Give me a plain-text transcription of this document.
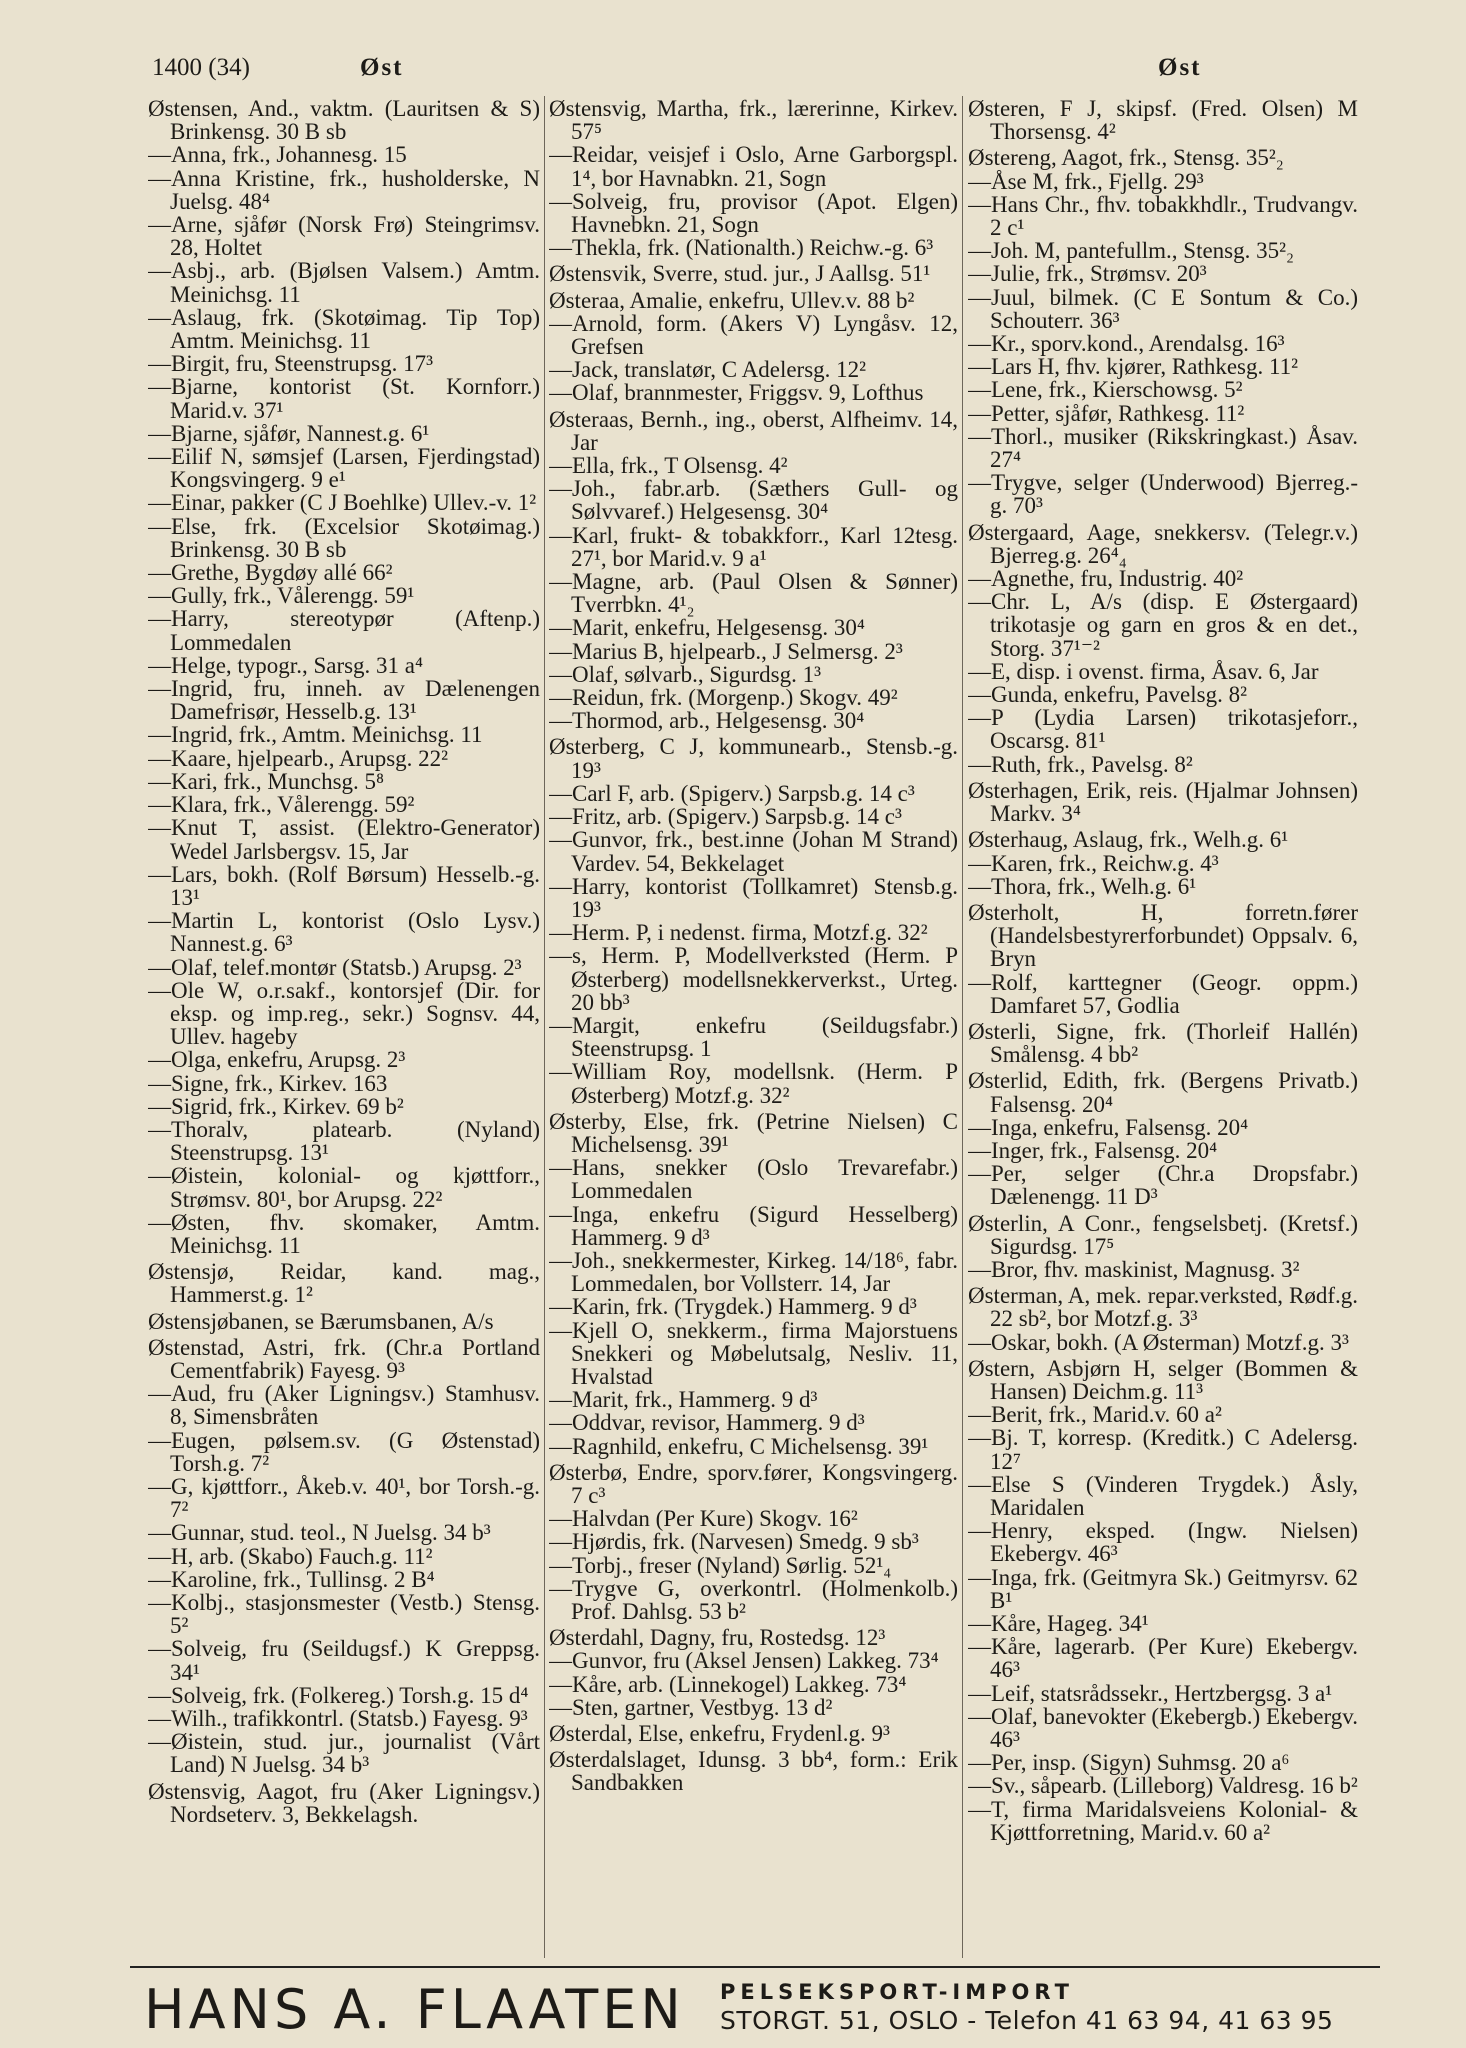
1400 (34)	Øst	Øst
Østensen, And., vaktm. (Lauritsen & S) Brinkensg. 30 B sb
—Anna, frk., Johannesg. 15
—Anna Kristine, frk., husholderske, N Juelsg. 48⁴
—Arne, sjåfør (Norsk Frø) Steingrimsv. 28, Holtet
—Asbj., arb. (Bjølsen Valsem.) Amtm. Meinichsg. 11
—Aslaug, frk. (Skotøimag. Tip Top) Amtm. Meinichsg. 11
—Birgit, fru, Steenstrupsg. 17³
—Bjarne, kontorist (St. Kornforr.) Marid.v. 37¹
—Bjarne, sjåfør, Nannest.g. 6¹
—Eilif N, sømsjef (Larsen, Fjerdingstad) Kongsvingerg. 9 e¹
—Einar, pakker (C J Boehlke) Ullev.-v. 1²
—Else, frk. (Excelsior Skotøimag.) Brinkensg. 30 B sb
—Grethe, Bygdøy allé 66²
—Gully, frk., Vålerengg. 59¹
—Harry, stereotypør (Aftenp.) Lommedalen
—Helge, typogr., Sarsg. 31 a⁴
—Ingrid, fru, inneh. av Dælenengen Damefrisør, Hesselb.g. 13¹
—Ingrid, frk., Amtm. Meinichsg. 11
—Kaare, hjelpearb., Arupsg. 22²
—Kari, frk., Munchsg. 5⁸
—Klara, frk., Vålerengg. 59²
—Knut T, assist. (Elektro-Generator) Wedel Jarlsbergsv. 15, Jar
—Lars, bokh. (Rolf Børsum) Hesselb.-g. 13¹
—Martin L, kontorist (Oslo Lysv.) Nannest.g. 6³
—Olaf, telef.montør (Statsb.) Arupsg. 2³
—Ole W, o.r.sakf., kontorsjef (Dir. for eksp. og imp.reg., sekr.) Sognsv. 44, Ullev. hageby
—Olga, enkefru, Arupsg. 2³
—Signe, frk., Kirkev. 163
—Sigrid, frk., Kirkev. 69 b²
—Thoralv, platearb. (Nyland) Steenstrupsg. 13¹
—Øistein, kolonial- og kjøttforr., Strømsv. 80¹, bor Arupsg. 22²
—Østen, fhv. skomaker, Amtm. Meinichsg. 11
Østensjø, Reidar, kand. mag., Hammerst.g. 1²
Østensjøbanen, se Bærumsbanen, A/s
Østenstad, Astri, frk. (Chr.a Portland Cementfabrik) Fayesg. 9³
—Aud, fru (Aker Ligningsv.) Stamhusv. 8, Simensbråten
—Eugen, pølsem.sv. (G Østenstad) Torsh.g. 7²
—G, kjøttforr., Åkeb.v. 40¹, bor Torsh.-g. 7²
—Gunnar, stud. teol., N Juelsg. 34 b³
—H, arb. (Skabo) Fauch.g. 11²
—Karoline, frk., Tullinsg. 2 B⁴
—Kolbj., stasjonsmester (Vestb.) Stensg. 5²
—Solveig, fru (Seildugsf.) K Greppsg. 34¹
—Solveig, frk. (Folkereg.) Torsh.g. 15 d⁴
—Wilh., trafikkontrl. (Statsb.) Fayesg. 9³
—Øistein, stud. jur., journalist (Vårt Land) N Juelsg. 34 b³
Østensvig, Aagot, fru (Aker Ligningsv.) Nordseterv. 3, Bekkelagsh.
Østensvig, Martha, frk., lærerinne, Kirkev. 57⁵
—Reidar, veisjef i Oslo, Arne Garborgspl. 1⁴, bor Havnabkn. 21, Sogn
—Solveig, fru, provisor (Apot. Elgen) Havnebkn. 21, Sogn
—Thekla, frk. (Nationalth.) Reichw.-g. 6³
Østensvik, Sverre, stud. jur., J Aallsg. 51¹
Østeraa, Amalie, enkefru, Ullev.v. 88 b²
—Arnold, form. (Akers V) Lyngåsv. 12, Grefsen
—Jack, translatør, C Adelersg. 12²
—Olaf, brannmester, Friggsv. 9, Lofthus
Østeraas, Bernh., ing., oberst, Alfheimv. 14, Jar
—Ella, frk., T Olsensg. 4²
—Joh., fabr.arb. (Sæthers Gull- og Sølvvaref.) Helgesensg. 30⁴
—Karl, frukt- & tobakkforr., Karl 12tesg. 27¹, bor Marid.v. 9 a¹
—Magne, arb. (Paul Olsen & Sønner) Tverrbkn. 4¹₂
—Marit, enkefru, Helgesensg. 30⁴
—Marius B, hjelpearb., J Selmersg. 2³
—Olaf, sølvarb., Sigurdsg. 1³
—Reidun, frk. (Morgenp.) Skogv. 49²
—Thormod, arb., Helgesensg. 30⁴
Østerberg, C J, kommunearb., Stensb.-g. 19³
—Carl F, arb. (Spigerv.) Sarpsb.g. 14 c³
—Fritz, arb. (Spigerv.) Sarpsb.g. 14 c³
—Gunvor, frk., best.inne (Johan M Strand) Vardev. 54, Bekkelaget
—Harry, kontorist (Tollkamret) Stensb.g. 19³
—Herm. P, i nedenst. firma, Motzf.g. 32²
—s, Herm. P, Modellverksted (Herm. P Østerberg) modellsnekkerverkst., Urteg. 20 bb³
—Margit, enkefru (Seildugsfabr.) Steenstrupsg. 1
—William Roy, modellsnk. (Herm. P Østerberg) Motzf.g. 32²
Østerby, Else, frk. (Petrine Nielsen) C Michelsensg. 39¹
—Hans, snekker (Oslo Trevarefabr.) Lommedalen
—Inga, enkefru (Sigurd Hesselberg) Hammerg. 9 d³
—Joh., snekkermester, Kirkeg. 14/18⁶, fabr. Lommedalen, bor Vollsterr. 14, Jar
—Karin, frk. (Trygdek.) Hammerg. 9 d³
—Kjell O, snekkerm., firma Majorstuens Snekkeri og Møbelutsalg, Nesliv. 11, Hvalstad
—Marit, frk., Hammerg. 9 d³
—Oddvar, revisor, Hammerg. 9 d³
—Ragnhild, enkefru, C Michelsensg. 39¹
Østerbø, Endre, sporv.fører, Kongsvingerg. 7 c³
—Halvdan (Per Kure) Skogv. 16²
—Hjørdis, frk. (Narvesen) Smedg. 9 sb³
—Torbj., freser (Nyland) Sørlig. 52¹₄
—Trygve G, overkontrl. (Holmenkolb.) Prof. Dahlsg. 53 b²
Østerdahl, Dagny, fru, Rostedsg. 12³
—Gunvor, fru (Aksel Jensen) Lakkeg. 73⁴
—Kåre, arb. (Linnekogel) Lakkeg. 73⁴
—Sten, gartner, Vestbyg. 13 d²
Østerdal, Else, enkefru, Frydenl.g. 9³
Østerdalslaget, Idunsg. 3 bb⁴, form.: Erik Sandbakken
Østeren, F J, skipsf. (Fred. Olsen) M Thorsensg. 4²
Østereng, Aagot, frk., Stensg. 35²₂
—Åse M, frk., Fjellg. 29³
—Hans Chr., fhv. tobakkhdlr., Trudvangv. 2 c¹
—Joh. M, pantefullm., Stensg. 35²₂
—Julie, frk., Strømsv. 20³
—Juul, bilmek. (C E Sontum & Co.) Schouterr. 36³
—Kr., sporv.kond., Arendalsg. 16³
—Lars H, fhv. kjører, Rathkesg. 11²
—Lene, frk., Kierschowsg. 5²
—Petter, sjåfør, Rathkesg. 11²
—Thorl., musiker (Rikskringkast.) Åsav. 27⁴
—Trygve, selger (Underwood) Bjerreg.-g. 70³
Østergaard, Aage, snekkersv. (Telegr.v.) Bjerreg.g. 26⁴₄
—Agnethe, fru, Industrig. 40²
—Chr. L, A/s (disp. E Østergaard) trikotasje og garn en gros & en det., Storg. 37¹⁻²
—E, disp. i ovenst. firma, Åsav. 6, Jar
—Gunda, enkefru, Pavelsg. 8²
—P (Lydia Larsen) trikotasjeforr., Oscarsg. 81¹
—Ruth, frk., Pavelsg. 8²
Østerhagen, Erik, reis. (Hjalmar Johnsen) Markv. 3⁴
Østerhaug, Aslaug, frk., Welh.g. 6¹
—Karen, frk., Reichw.g. 4³
—Thora, frk., Welh.g. 6¹
Østerholt, H, forretn.fører (Handelsbestyrerforbundet) Oppsalv. 6, Bryn
—Rolf, karttegner (Geogr. oppm.) Damfaret 57, Godlia
Østerli, Signe, frk. (Thorleif Hallén) Smålensg. 4 bb²
Østerlid, Edith, frk. (Bergens Privatb.) Falsensg. 20⁴
—Inga, enkefru, Falsensg. 20⁴
—Inger, frk., Falsensg. 20⁴
—Per, selger (Chr.a Dropsfabr.) Dælenengg. 11 D³
Østerlin, A Conr., fengselsbetj. (Kretsf.) Sigurdsg. 17⁵
—Bror, fhv. maskinist, Magnusg. 3²
Østerman, A, mek. repar.verksted, Rødf.g. 22 sb², bor Motzf.g. 3³
—Oskar, bokh. (A Østerman) Motzf.g. 3³
Østern, Asbjørn H, selger (Bommen & Hansen) Deichm.g. 11³
—Berit, frk., Marid.v. 60 a²
—Bj. T, korresp. (Kreditk.) C Adelersg. 12⁷
—Else S (Vinderen Trygdek.) Åsly, Maridalen
—Henry, eksped. (Ingw. Nielsen) Ekebergv. 46³
—Inga, frk. (Geitmyra Sk.) Geitmyrsv. 62 B¹
—Kåre, Hageg. 34¹
—Kåre, lagerarb. (Per Kure) Ekebergv. 46³
—Leif, statsrådssekr., Hertzbergsg. 3 a¹
—Olaf, banevokter (Ekebergb.) Ekebergv. 46³
—Per, insp. (Sigyn) Suhmsg. 20 a⁶
—Sv., såpearb. (Lilleborg) Valdresg. 16 b²
—T, firma Maridalsveiens Kolonial- & Kjøttforretning, Marid.v. 60 a²
HANS A. FLAATEN PELSEKSPORT-IMPORT
STORGT. 51, OSLO - Telefon 41 63 94, 41 63 95
